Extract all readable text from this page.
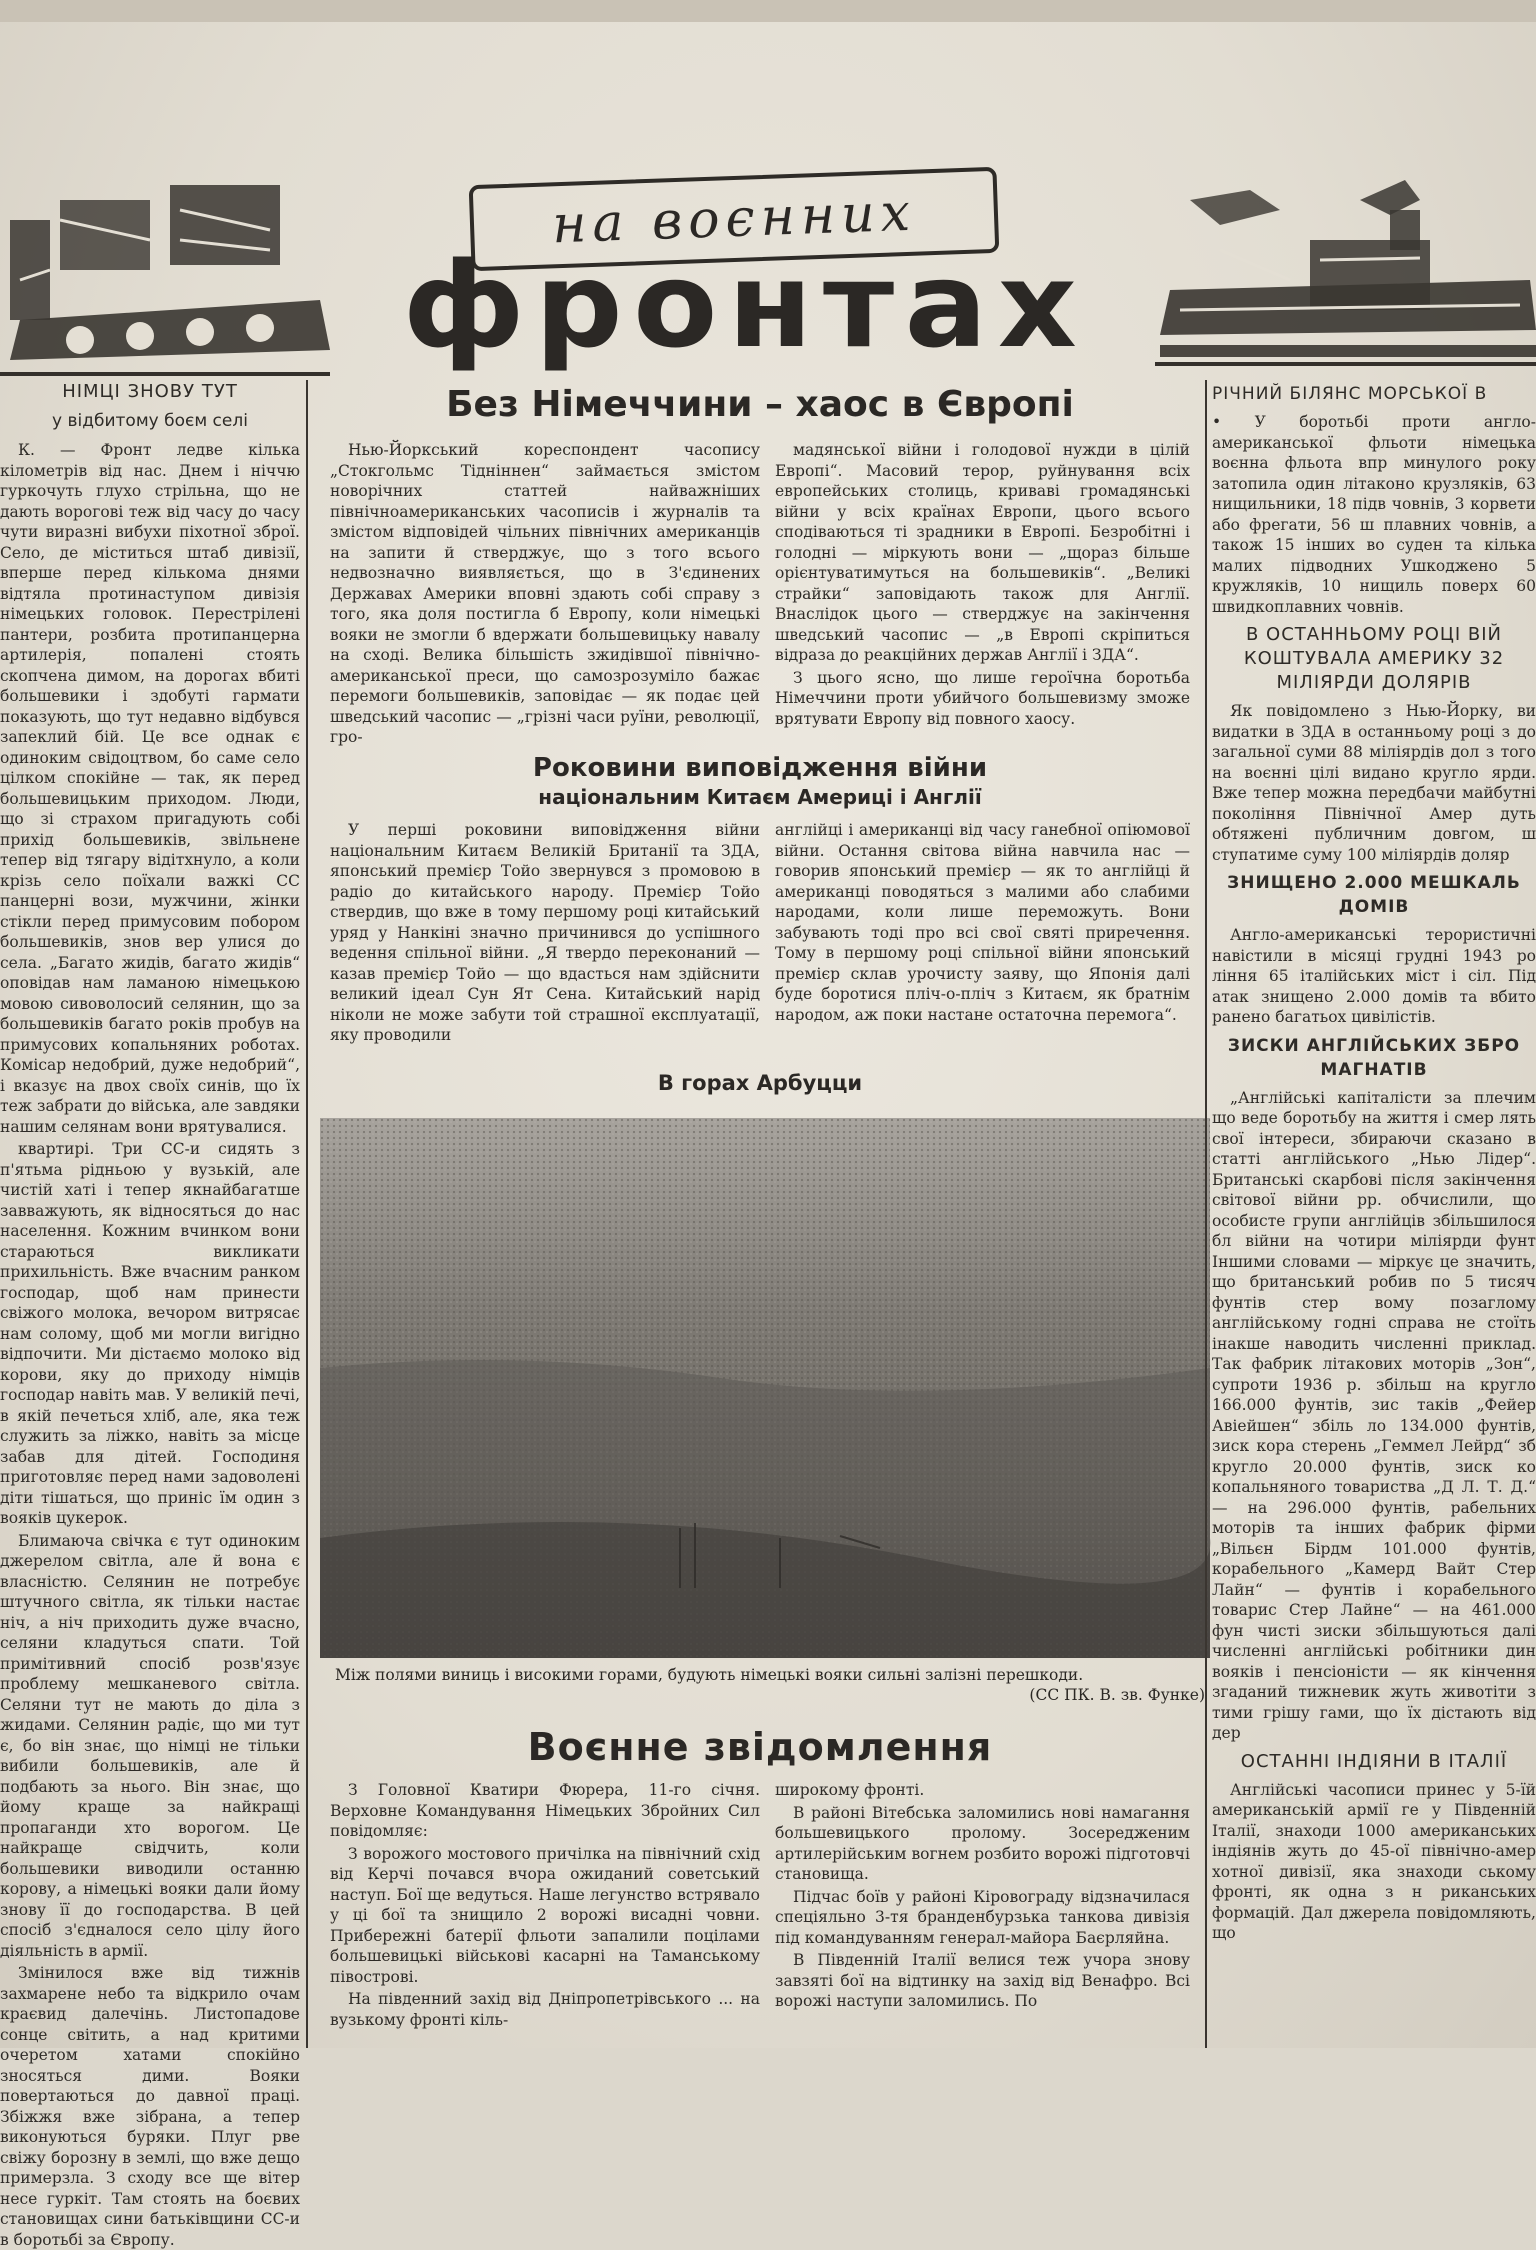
на воєнних
фронтах
Без Німеччини – хаос в Європі
НІМЦІ ЗНОВУ ТУТ
у відбитому боєм селі

К. — Фронт ледве кілька кілометрів від нас. Днем і ніччю гуркочуть глухо стрільна, що не дають ворогові теж від часу до часу чути виразні вибухи піхотної зброї. Село, де міститься штаб дивізії, вперше перед кількома днями відтяла протинаступом дивізія німецьких головок. Перестрілені пантери, розбита протипанцерна артилерія, попалені стоять скопчена димом, на дорогах вбиті большевики і здобуті гармати показують, що тут недавно відбувся запеклий бій. Це все однак є одиноким свідоцтвом, бо саме село цілком спокійне — так, як перед большевицьким приходом. Люди, що зі страхом пригадують собі прихід большевиків, звільнене тепер від тягару відітхнуло, а коли крізь село поїхали важкі СС панцерні вози, мужчини, жінки стікли перед примусовим побором большевиків, знов вер улися до села. „Багато жидів, багато жидів“ оповідав нам ламаною німецькою мовою сивоволосий селянин, що за большевиків багато років пробув на примусових копальняних роботах. Комісар недобрий, дуже недобрий“, і вказує на двох своїх синів, що їх теж забрати до війська, але завдяки нашим селянам вони врятувалися.

квартирі. Три СС-и сидять з п'ятьма рідньою у вузькій, але чистій хаті і тепер якнайбагатше завважують, як відносяться до нас населення. Кожним вчинком вони стараються викликати прихильність. Вже вчасним ранком господар, щоб нам принести свіжого молока, вечором витрясає нам солому, щоб ми могли вигідно відпочити. Ми дістаємо молоко від корови, яку до приходу німців господар навіть мав. У великій печі, в якій печеться хліб, але, яка теж служить за ліжко, навіть за місце забав для дітей. Господиня приготовляє перед нами задоволені діти тішаться, що приніс їм один з вояків цукерок.

Блимаюча свічка є тут одиноким джерелом світла, але й вона є власністю. Селянин не потребує штучного світла, як тільки настає ніч, а ніч приходить дуже вчасно, селяни кладуться спати. Той примітивний спосіб розв'язує проблему мешканевого світла. Селяни тут не мають до діла з жидами. Селянин радіє, що ми тут є, бо він знає, що німці не тільки вибили большевиків, але й подбають за нього. Він знає, що йому краще за найкращі пропаганди хто ворогом. Це найкраще свідчить, коли большевики виводили останню корову, а німецькі вояки дали йому знову її до господарства. В цей спосіб з'єдналося село цілу його діяльність в армії.

Змінилося вже від тижнів захмарене небо та відкрило очам краєвид далечінь. Листопадове сонце світить, а над критими очеретом хатами спокійно зносяться дими. Вояки повертаються до давної праці. Збіжжя вже зібрана, а тепер виконуються буряки. Плуг рве свіжу борозну в землі, що вже дещо примерзла. З сходу все ще вітер несе гуркіт. Там стоять на боєвих становищах сини батьківщини СС-и в боротьбі за Європу.

Нью-Йоркський кореспондент часопису „Стокгольмс Тідніннен“ займається змістом новорічних статтей найважніших північноамериканських часописів і журналів та змістом відповідей чільних північних американців на запити й стверджує, що з того всього недвозначно виявляється, що в З'єдинених Державах Америки вповні здають собі справу з того, яка доля постигла б Европу, коли німецькі вояки не змогли б вдержати большевицьку навалу на сході. Велика більшість зжидівшої північно-американської преси, що самозрозуміло бажає перемоги большевиків, заповідає — як подає цей шведський часопис — „грізні часи руїни, революції, гро-

мадянської війни і голодової нужди в цілій Европі“. Масовий терор, руйнування всіх европейських столиць, криваві громадянські війни у всіх країнах Европи, цього всього сподіваються ті зрадники в Европі. Безробітні і голодні — міркують вони — „щораз більше орієнтуватимуться на большевиків“. „Великі страйки“ заповідають також для Англії. Внаслідок цього — стверджує на закінчення шведський часопис — „в Европі скріпиться відраза до реакційних держав Англії і ЗДА“.

З цього ясно, що лише героїчна боротьба Німеччини проти убийчого большевизму зможе врятувати Европу від повного хаосу.

Роковини виповідження війни
національним Китаєм Америці і Англії

У перші роковини виповідження війни національним Китаєм Великій Британії та ЗДА, японський премієр Тойо звернувся з промовою в радіо до китайського народу. Премієр Тойо ствердив, що вже в тому першому році китайський уряд у Нанкіні значно причинився до успішного ведення спільної війни. „Я твердо переконаний — казав премієр Тойо — що вдасться нам здійснити великий ідеал Сун Ят Сена. Китайський нарід ніколи не може забути той страшної експлуатації, яку проводили

англійці і американці від часу ганебної опіюмової війни. Остання світова війна навчила нас — говорив японський премієр — як то англійці й американці поводяться з малими або слабими народами, коли лише переможуть. Вони забувають тоді про всі свої святі приречення. Тому в першому році спільної війни японський премієр склав урочисту заяву, що Японія далі буде боротися пліч-о-пліч з Китаєм, як братнім народом, аж поки настане остаточна перемога“.

В горах Арбуцци
Між полями виниць і високими горами, будують німецькі вояки сильні залізні перешкоди.
(СС ПК. В. зв. Функе)
Воєнне звідомлення

З Головної Кватири Фюрера, 11-го січня. Верховне Командування Німецьких Збройних Сил повідомляє:

З ворожого мостового причілка на північний схід від Керчі почався вчора ожиданий советський наступ. Бої ще ведуться. Наше легунство встрявало у ці бої та знищило 2 ворожі висадні човни. Прибережні батерії фльоти запалили поцілами большевицькі військові касарні на Таманському півострові.

На південний захід від Дніпропетрівського ... на вузькому фронті кіль-

широкому фронті.

В районі Вітебська заломились нові намагання большевицького пролому. Зосередженим артилерійським вогнем розбито ворожі підготовчі становища.

Підчас боїв у районі Кіровограду відзначилася спеціяльно 3-тя бранденбурзька танкова дивізія під командуванням генерал-майора Баєрляйна.

В Південній Італії велися теж учора знову завзяті бої на відтинку на захід від Венафро. Всі ворожі наступи заломились. По

РІЧНИЙ БІЛЯНС МОРСЬКОЇ В

• У боротьбі проти англо-американської фльоти німецька воєнна фльота впр минулого року затопила один літаконо крузляків, 63 нищильники, 18 підв човнів, 3 корвети або фрегати, 56 ш плавних човнів, а також 15 інших во суден та кілька малих підводних Ушкоджено 5 кружляків, 10 нищиль поверх 60 швидкоплавних човнів.

В ОСТАННЬОМУ РОЦІ ВІЙ КОШТУВАЛА АМЕРИКУ 32 МІЛІЯРДИ ДОЛЯРІВ

Як повідомлено з Нью-Йорку, ви видатки в ЗДА в останньому році з до загальної суми 88 міліярдів дол з того на воєнні цілі видано кругло ярди. Вже тепер можна передбачи майбутні покоління Північної Амер дуть обтяжені публичним довгом, ш ступатиме суму 100 міліярдів доляр

ЗНИЩЕНО 2.000 МЕШКАЛЬ ДОМІВ

Англо-американські терористичні навістили в місяці грудні 1943 ро ління 65 італійських міст і сіл. Під атак знищено 2.000 домів та вбито ранено багатьох цивілістів.

ЗИСКИ АНГЛІЙСЬКИХ ЗБРО МАГНАТІВ

„Англійські капіталісти за плечим що веде боротьбу на життя і смер лять свої інтереси, збираючи сказано в статті англійського „Нью Лідер“. Британські скарбові після закінчення світової війни рр. обчислили, що особисте групи англійців збільшилося бл війни на чотири міліярди фунт Іншими словами — міркує це значить, що британський робив по 5 тисяч фунтів стер вому позаглому англійському годні справа не стоїть інакше наводить численні приклад. Так фабрик літакових моторів „Зон“, супроти 1936 р. збільш на кругло 166.000 фунтів, зис таків „Фейер Авіейшен“ збіль ло 134.000 фунтів, зиск кора стерень „Геммел Лейрд“ зб кругло 20.000 фунтів, зиск ко копальняного товариства „Д Л. Т. Д.“ — на 296.000 фунтів, рабельних моторів та інших фабрик фірми „Вільєн Бірдм 101.000 фунтів, корабельного „Камерд Вайт Стер Лайн“ — фунтів і корабельного товарис Стер Лайне“ — на 461.000 фун чисті зиски збільшуються далі численні англійські робітники дин вояків і пенсіоністи — як кінчення згаданий тижневик жуть животіти з тими грішу гами, що їх дістають від дер

ОСТАННІ ІНДІЯНИ В ІТАЛІЇ

Англійські часописи принес у 5-їй американській армії ге у Південній Італії, знаходи 1000 американських індіянів жуть до 45-ої північно-амер хотної дивізії, яка знаходи ському фронті, як одна з н риканських формацій. Дал джерела повідомляють, що
